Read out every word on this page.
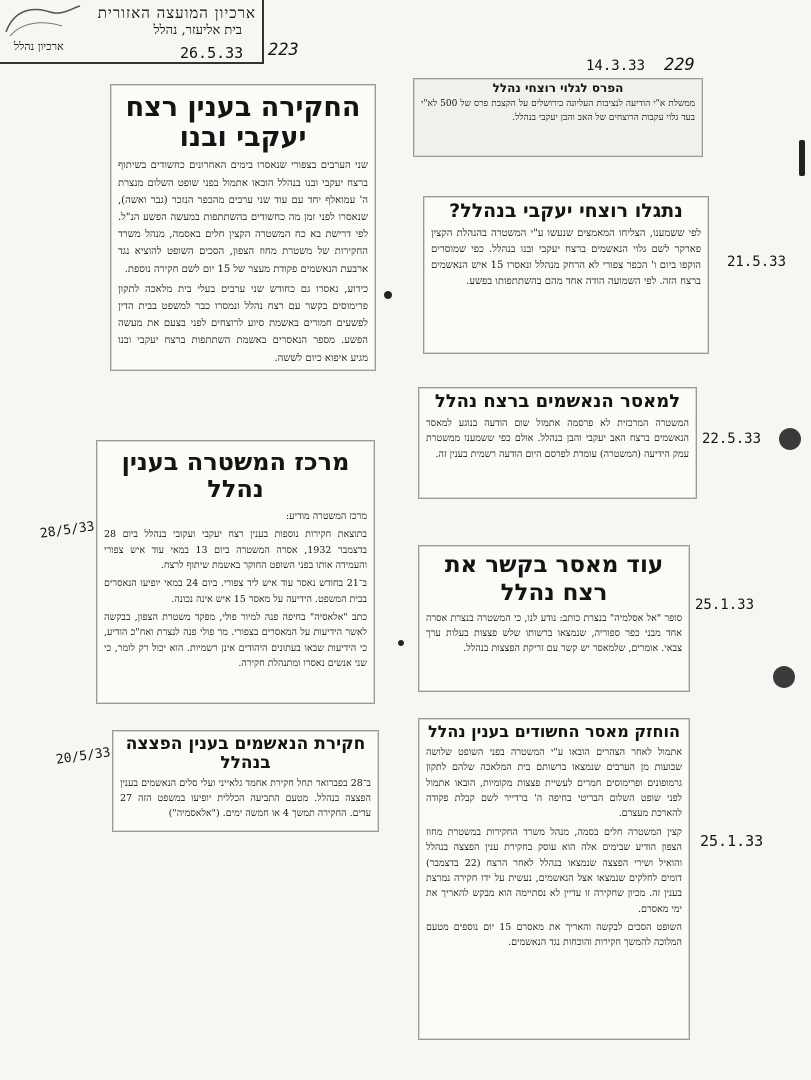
ארכיון המועצה האזורית
בית אליעזר, נהלל
ארכיון נהלל	26.5.33 223
14.3.33 229
21.5.33
22.5.33
25.1.33
25.1.33
28/5/33
20/5/33
החקירה בענין רצח יעקבי ובנו

שני הערבים בצפורי שנאסרו בימים האחרונים כחשודים בשיתוף ברצח יעקבי ובנו בנהלל הובאו אתמול בפני שופט השלום מנצרת ה' עמואלף יחד עם עוד שני ערבים מהכפר הנזכר (גבר ואשה), שנאסרו לפני זמן מה כחשודים בהשתתפות במעשה הפשע הנ"ל. לפי דרישת בא כח המשטרה הקצין חלים באסמה, מנהל משרד החקירות של משטרת מחוז הצפון, הסכים השופט להוציא נגד ארבעת הנאשמים פקודת מעצר של 15 יום לשם חקירה נוספת.

כידוע, נאסרו גם כחודש שני ערבים בעלי בית מלאכה לתקון פרימוסים בקשר עם רצח נהלל ונמסרו כבר למשפט בבית הדין לפשעים חמורים באשמת סיוע לרוצחים לפני בצעם את מעשה הפשע. מספר הנאסרים באשמת השתתפות ברצח יעקבי ובנו מגיע איפוא כיום לששה.

הפרס לגלוי רוצחי נהלל

ממשלת א"י הודיעה לנציבות העליונה בירושלים על הקצבת פרס של 500 לא"י בעד גלוי עקבות הרוצחים של האב והבן יעקבי בנהלל.

נתגלו רוצחי יעקבי בנהלל?

לפי ששמענו, הצליחו המאמצים שנעשו ע"י המשטרה בהנהלת הקצין פארקר לשם גלוי הנאשמים ברצח יעקבי ובנו בנהלל. כפי שמוסרים הוקפו ביום ו' הכפר צפורי לא הרחק מנהלל ונאסרו 15 איש הנאשמים ברצח הזה. לפי השמועה הודה אחד מהם בהשתתפותו בפשע.

למאסר הנאשמים ברצח נהלל

המשטרה המרכזית לא פרסמה אתמול שום הודעה בנוגע למאסר הנאשמים ברצח האב יעקבי והבן בנהלל. אולם כפי ששמענו ממשטרת עמק הידיעה (המשטרה) עומדת לפרסם היום הודעה רשמית בענין זה.

מרכז המשטרה בענין נהלל

מרכז המשטרה מודיע:

בתוצאת חקירות נוספות בענין רצח יעקבי ועקובי בנהלל ביום 28 בדצמבר 1932, אסרה המשטרה ביום 13 במאי עוד איש צפורי והעמידה אותו בפני השופט החוקר באשמת שיתוף לרצח.

ב־21 בחודש נאסר עוד איש ליד צפורי. ביום 24 במאי יופיעו הנאסרים בבית המשפט. הידיעה על מאסר 15 איש אינה נכונה.

כתב "אלאסיה" בחיפה פנה למיור פולי, מפקד משטרת הצפון, בבקשה לאשר הידיעות על המאסרים בצפורי. מר פולי פנה לנצרת ואח"כ הודיע, כי הידיעות שבאו בעתונים היהודים אינן רשמיות. הוא יכול רק לומר, כי שני אנשים נאסרו ומתנהלת חקירה.

עוד מאסר בקשר את רצח נהלל

סופר "אל אסלמיה" בנצרת כותב: נודע לנו, כי המשטרה בנצרת אסרה אחד מבני כפר ספוריה, שנמצאו ברשותו שלש פצצות בעלות ערך צבאי. אומרים, שלמאסר יש קשר עם זריקת הפצצות בנהלל.

חקירת הנאשמים בענין הפצצה בנהלל

ב־28 בפברואר תחל חקירת אחמד גלאייני ועלי סלים הנאשמים בענין הפצצה בנהלל. מטעם התביעה הכללית יופיעו במשפט הזה 27 עדים. החקירה תמשך 4 או חמשה ימים. ("אלאסמיה")

הוחזק מאסר החשודים בענין נהלל

אתמול לאחר הצהרים הובאו ע"י המשטרה בפני השופט שלושה שבועות מן הערבים שנמצאו ברשותם בית המלאכה שלהם לתקון גרמופונים ופרימוסים חמרים לעשיית פצצות מקומיות, הובאו אתמול לפני שופט השלום הבריטי בחיפה ה' ברדייר לשם קבלת פקודה להארכת מעצרם.

קצין המשטרה חלים בסמה, מנהל משרד החקירות במשטרת מחוז הצפון הודיע שבימים אלה הוא עוסק בחקירת ענין הפצצה בנהלל והואיל ושירי הפצצה שנמצאו בנהלל לאחר הרצח (22 בדצמבר) דומים לחלקים שנמצאו אצל הנאשמים, נעשית על ידו חקירה נמרצת בענין זה. מכיון שחקירה זו עדיין לא נסתיימה הוא מבקש להאריך את ימי מאסרם.

השופט הסכים לבקשה והאריך את מאסרם 15 יום נוספים מטעם המלוכה להמשך חקירות והוכחות נגד הנאשמים.
